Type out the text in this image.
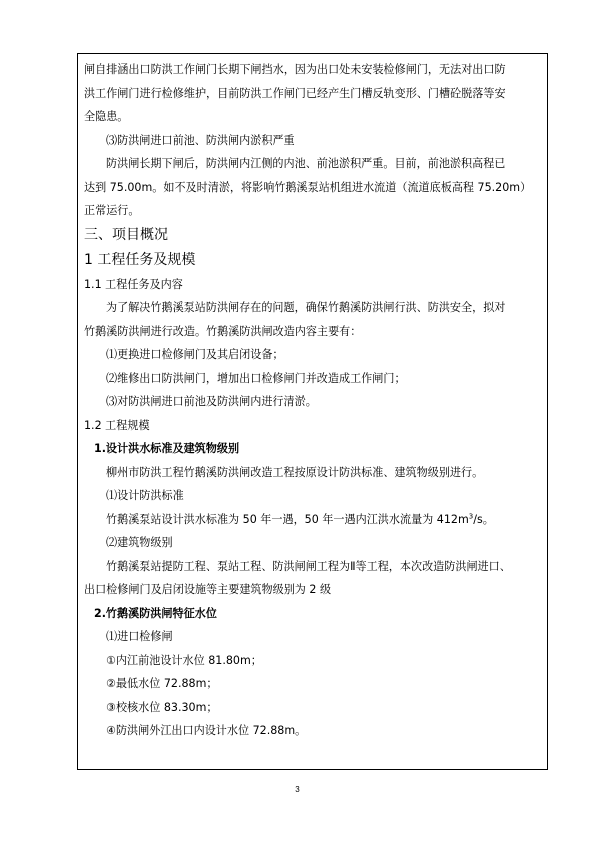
闸自排涵出口防洪工作闸门长期下闸挡水，因为出口处未安装检修闸门，无法对出口防

洪工作闸门进行检修维护，目前防洪工作闸门已经产生门槽反轨变形、门槽砼脱落等安

全隐患。

⑶防洪闸进口前池、防洪闸内淤积严重

防洪闸长期下闸后，防洪闸内江侧的内池、前池淤积严重。目前，前池淤积高程已

达到 75.00m。如不及时清淤，将影响竹鹅溪泵站机组进水流道（流道底板高程 75.20m）

正常运行。

三、项目概况

1 工程任务及规模

1.1 工程任务及内容

为了解决竹鹅溪泵站防洪闸存在的问题，确保竹鹅溪防洪闸行洪、防洪安全，拟对

竹鹅溪防洪闸进行改造。竹鹅溪防洪闸改造内容主要有：

⑴更换进口检修闸门及其启闭设备；

⑵维修出口防洪闸门，增加出口检修闸门并改造成工作闸门；

⑶对防洪闸进口前池及防洪闸内进行清淤。

1.2 工程规模

1.设计洪水标准及建筑物级别

柳州市防洪工程竹鹅溪防洪闸改造工程按原设计防洪标准、建筑物级别进行。

⑴设计防洪标准

竹鹅溪泵站设计洪水标准为 50 年一遇，50 年一遇内江洪水流量为 $412m^3/s$。

⑵建筑物级别

竹鹅溪泵站提防工程、泵站工程、防洪闸闸工程为Ⅱ等工程，本次改造防洪闸进口、

出口检修闸门及启闭设施等主要建筑物级别为 2 级

2.竹鹅溪防洪闸特征水位

⑴进口检修闸

①内江前池设计水位 81.80m；

②最低水位 72.88m；

③校核水位 83.30m；

④防洪闸外江出口内设计水位 72.88m。

3
